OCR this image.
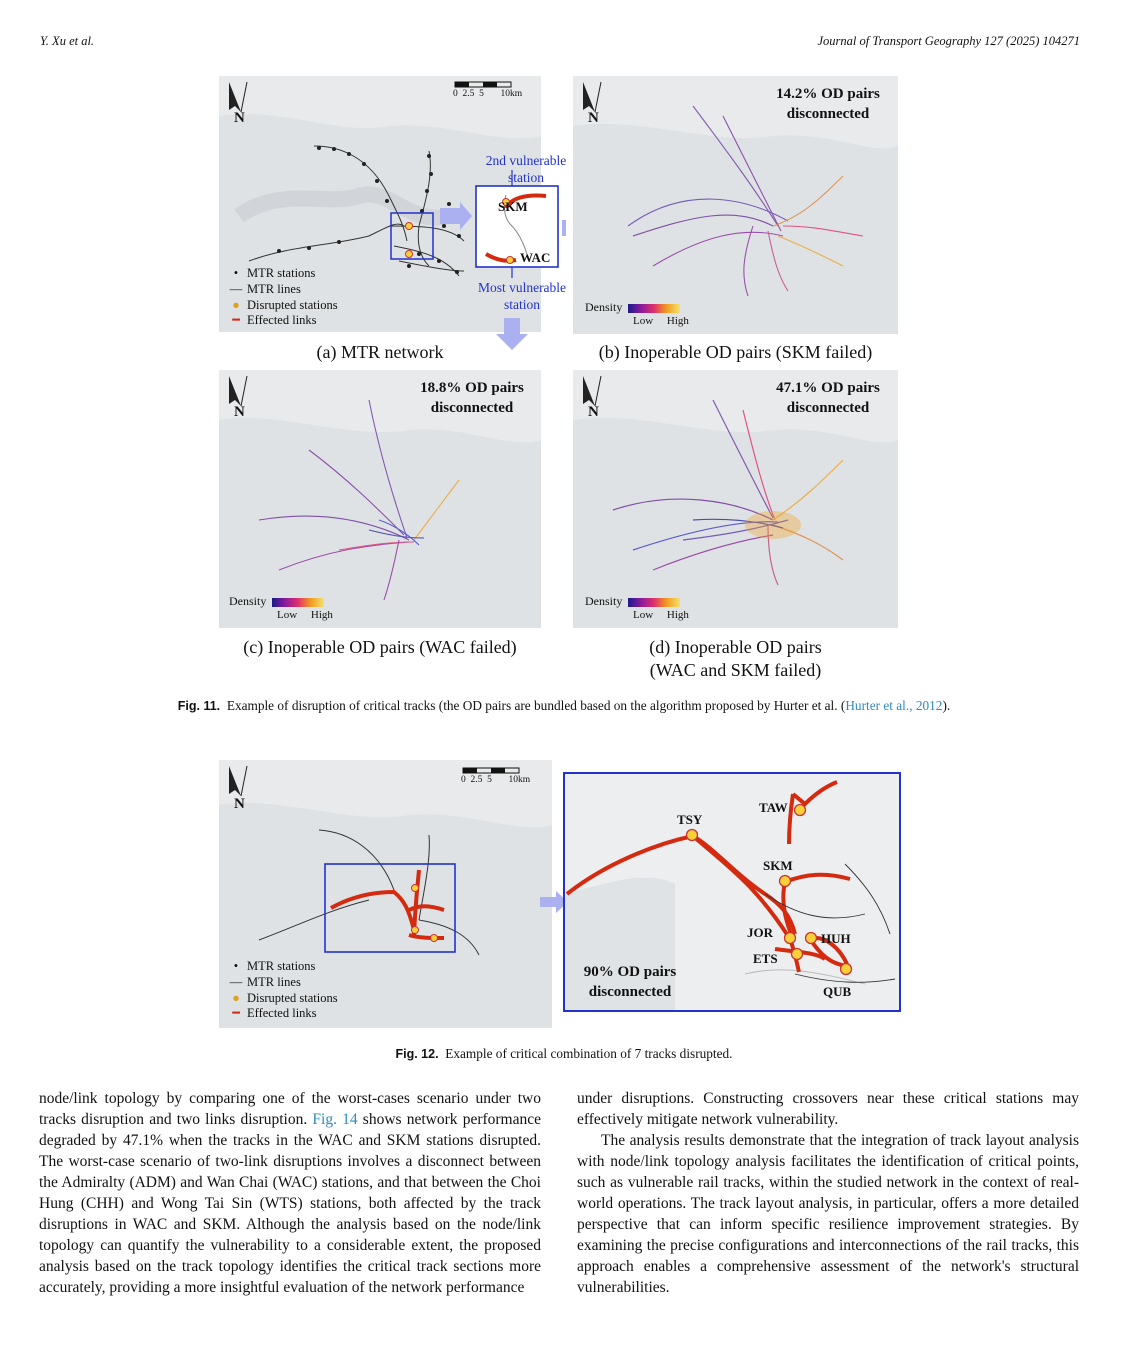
Y. Xu et al.	Journal of Transport Geography 127 (2025) 104271
N
0  2.5  5       10km
• MTR stations
— MTR lines
● Disrupted stations
━ Effected links
SKM
WAC
2nd vulnerable station
Most vulnerable station
(a) MTR network
N
14.2% OD pairs disconnected
Density
Low High
(b) Inoperable OD pairs (SKM failed)
N
18.8% OD pairs disconnected
Density
Low High
(c) Inoperable OD pairs (WAC failed)
N
47.1% OD pairs disconnected
Density
Low High
(d) Inoperable OD pairs
(WAC and SKM failed)
Fig. 11. Example of disruption of critical tracks (the OD pairs are bundled based on the algorithm proposed by Hurter et al. (Hurter et al., 2012).
N
0  2.5  5       10km
• MTR stations
— MTR lines
● Disrupted stations
━ Effected links
TSY
TAW
SKM
JOR	HUH
ETS
QUB
90% OD pairs disconnected
Fig. 12. Example of critical combination of 7 tracks disrupted.

node/link topology by comparing one of the worst-cases scenario under two tracks disruption and two links disruption. Fig. 14 shows network performance degraded by 47.1% when the tracks in the WAC and SKM stations disrupted. The worst-case scenario of two-link disruptions involves a disconnect between the Admiralty (ADM) and Wan Chai (WAC) stations, and that between the Choi Hung (CHH) and Wong Tai Sin (WTS) stations, both affected by the track disruptions in WAC and SKM. Although the analysis based on the node/link topology can quantify the vulnerability to a considerable extent, the proposed analysis based on the track topology identifies the critical track sections more accurately, providing a more insightful evaluation of the network performance

under disruptions. Constructing crossovers near these critical stations may effectively mitigate network vulnerability.

The analysis results demonstrate that the integration of track layout analysis with node/link topology analysis facilitates the identification of critical points, such as vulnerable rail tracks, within the studied network in the context of real-world operations. The track layout analysis, in particular, offers a more detailed perspective that can inform specific resilience improvement strategies. By examining the precise configurations and interconnections of the rail tracks, this approach enables a comprehensive assessment of the network's structural vulnerabilities.
